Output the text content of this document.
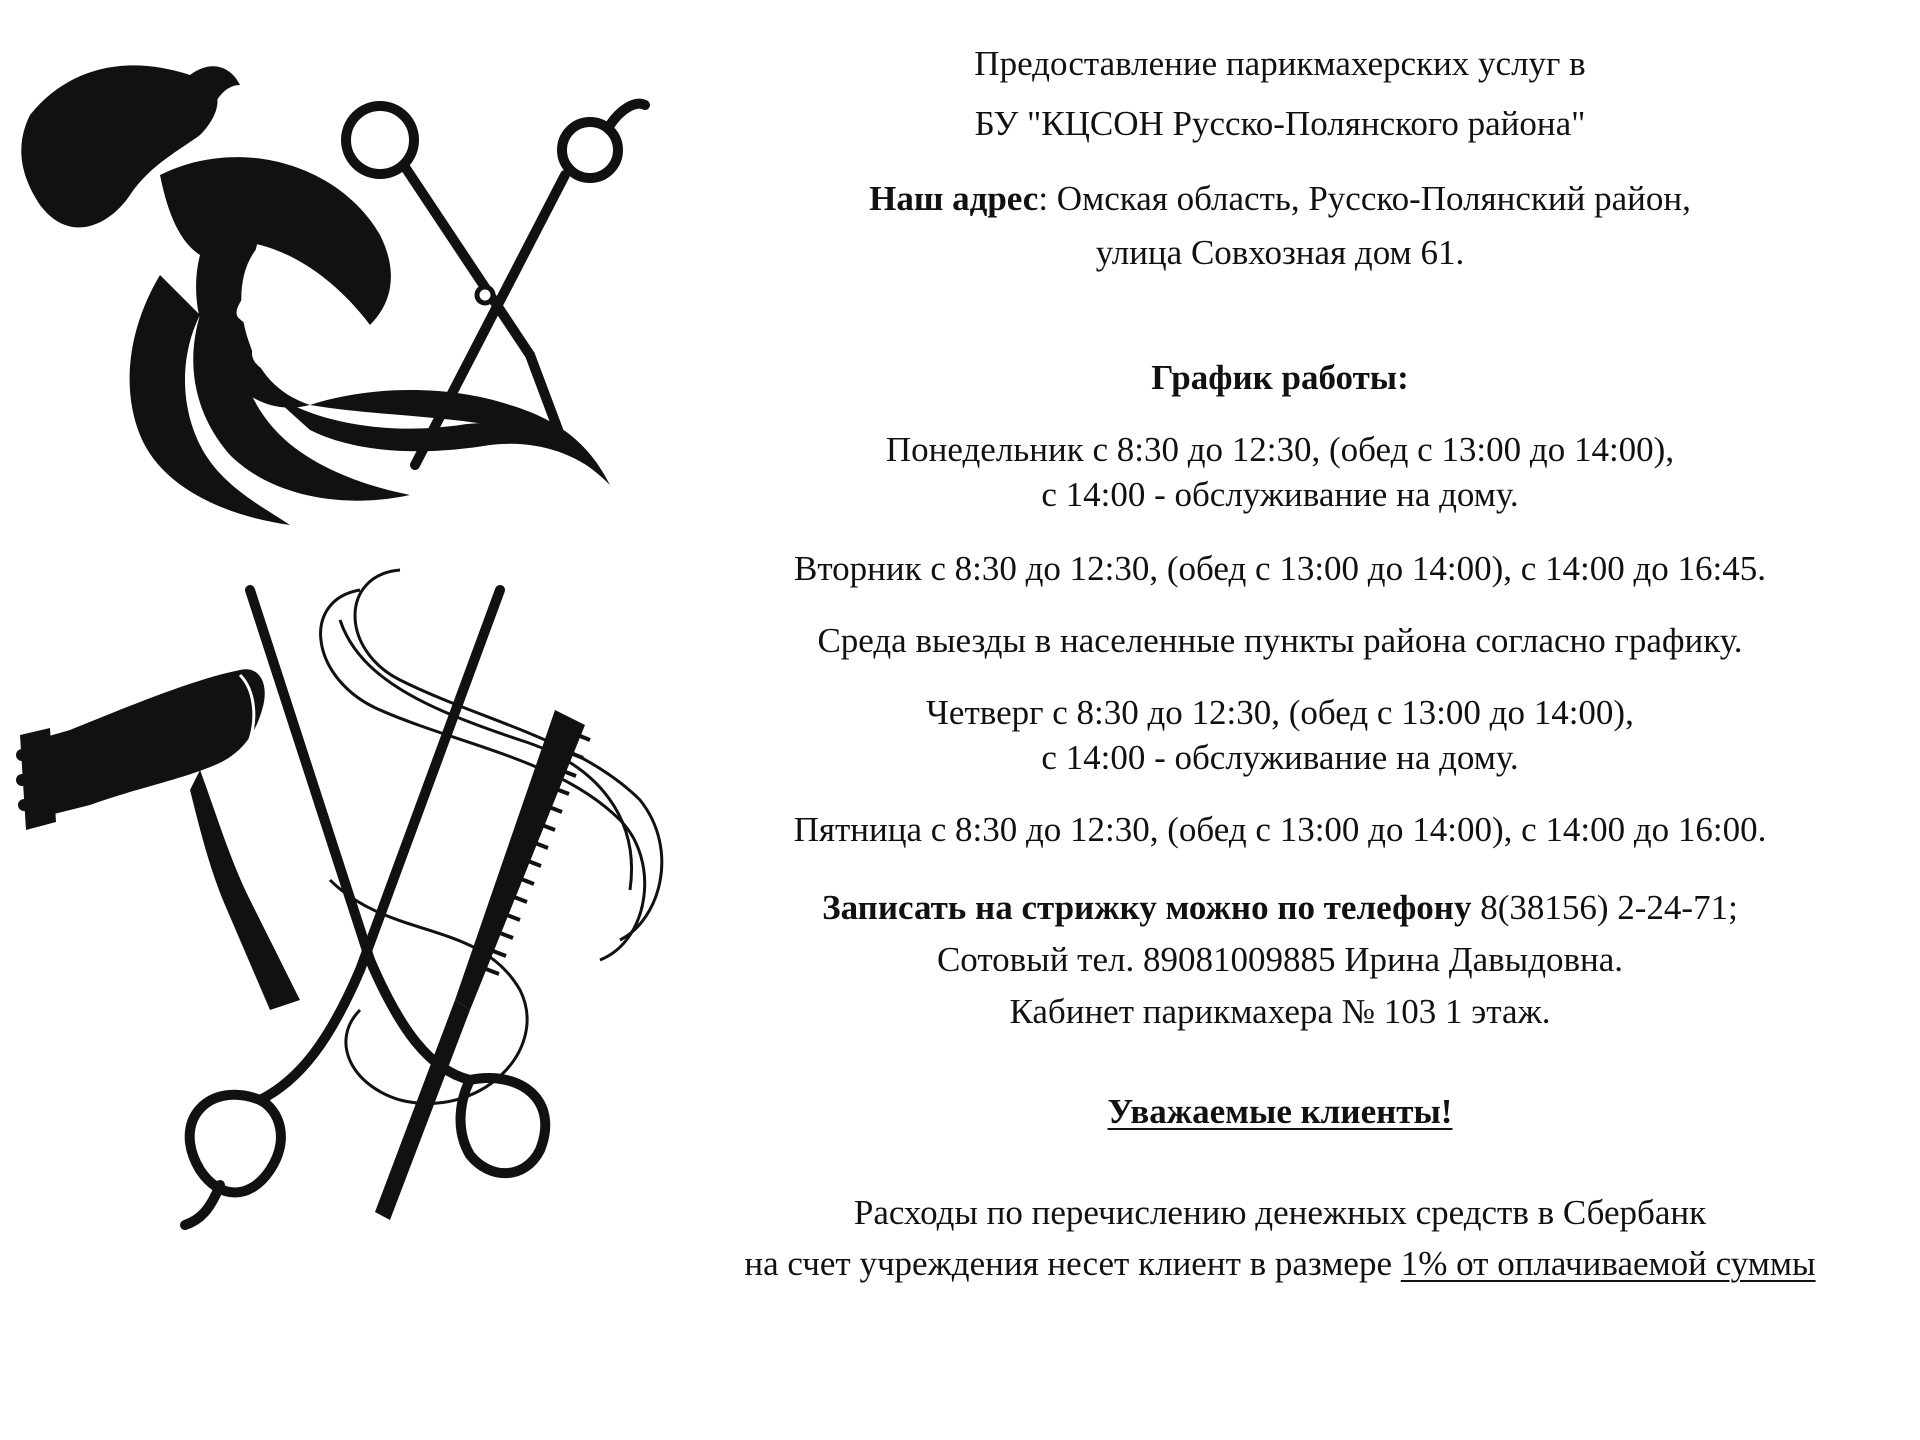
Предоставление парикмахерских услуг в
БУ "КЦСОН Русско-Полянского района"
Наш адрес: Омская область, Русско-Полянский район,
улица Совхозная дом 61.
График работы:
Понедельник с 8:30 до 12:30, (обед с 13:00 до 14:00),
с 14:00 - обслуживание на дому.
Вторник с 8:30 до 12:30, (обед с 13:00 до 14:00), с 14:00 до 16:45.
Среда выезды в населенные пункты района согласно графику.
Четверг с 8:30 до 12:30, (обед с 13:00 до 14:00),
с 14:00 - обслуживание на дому.
Пятница с 8:30 до 12:30, (обед с 13:00 до 14:00), с 14:00 до 16:00.
Записать на стрижку можно по телефону 8(38156) 2-24-71;
Сотовый тел. 89081009885 Ирина Давыдовна.
Кабинет парикмахера № 103 1 этаж.
Уважаемые клиенты!
Расходы по перечислению денежных средств в Сбербанк
на счет учреждения несет клиент в размере 1% от оплачиваемой суммы
